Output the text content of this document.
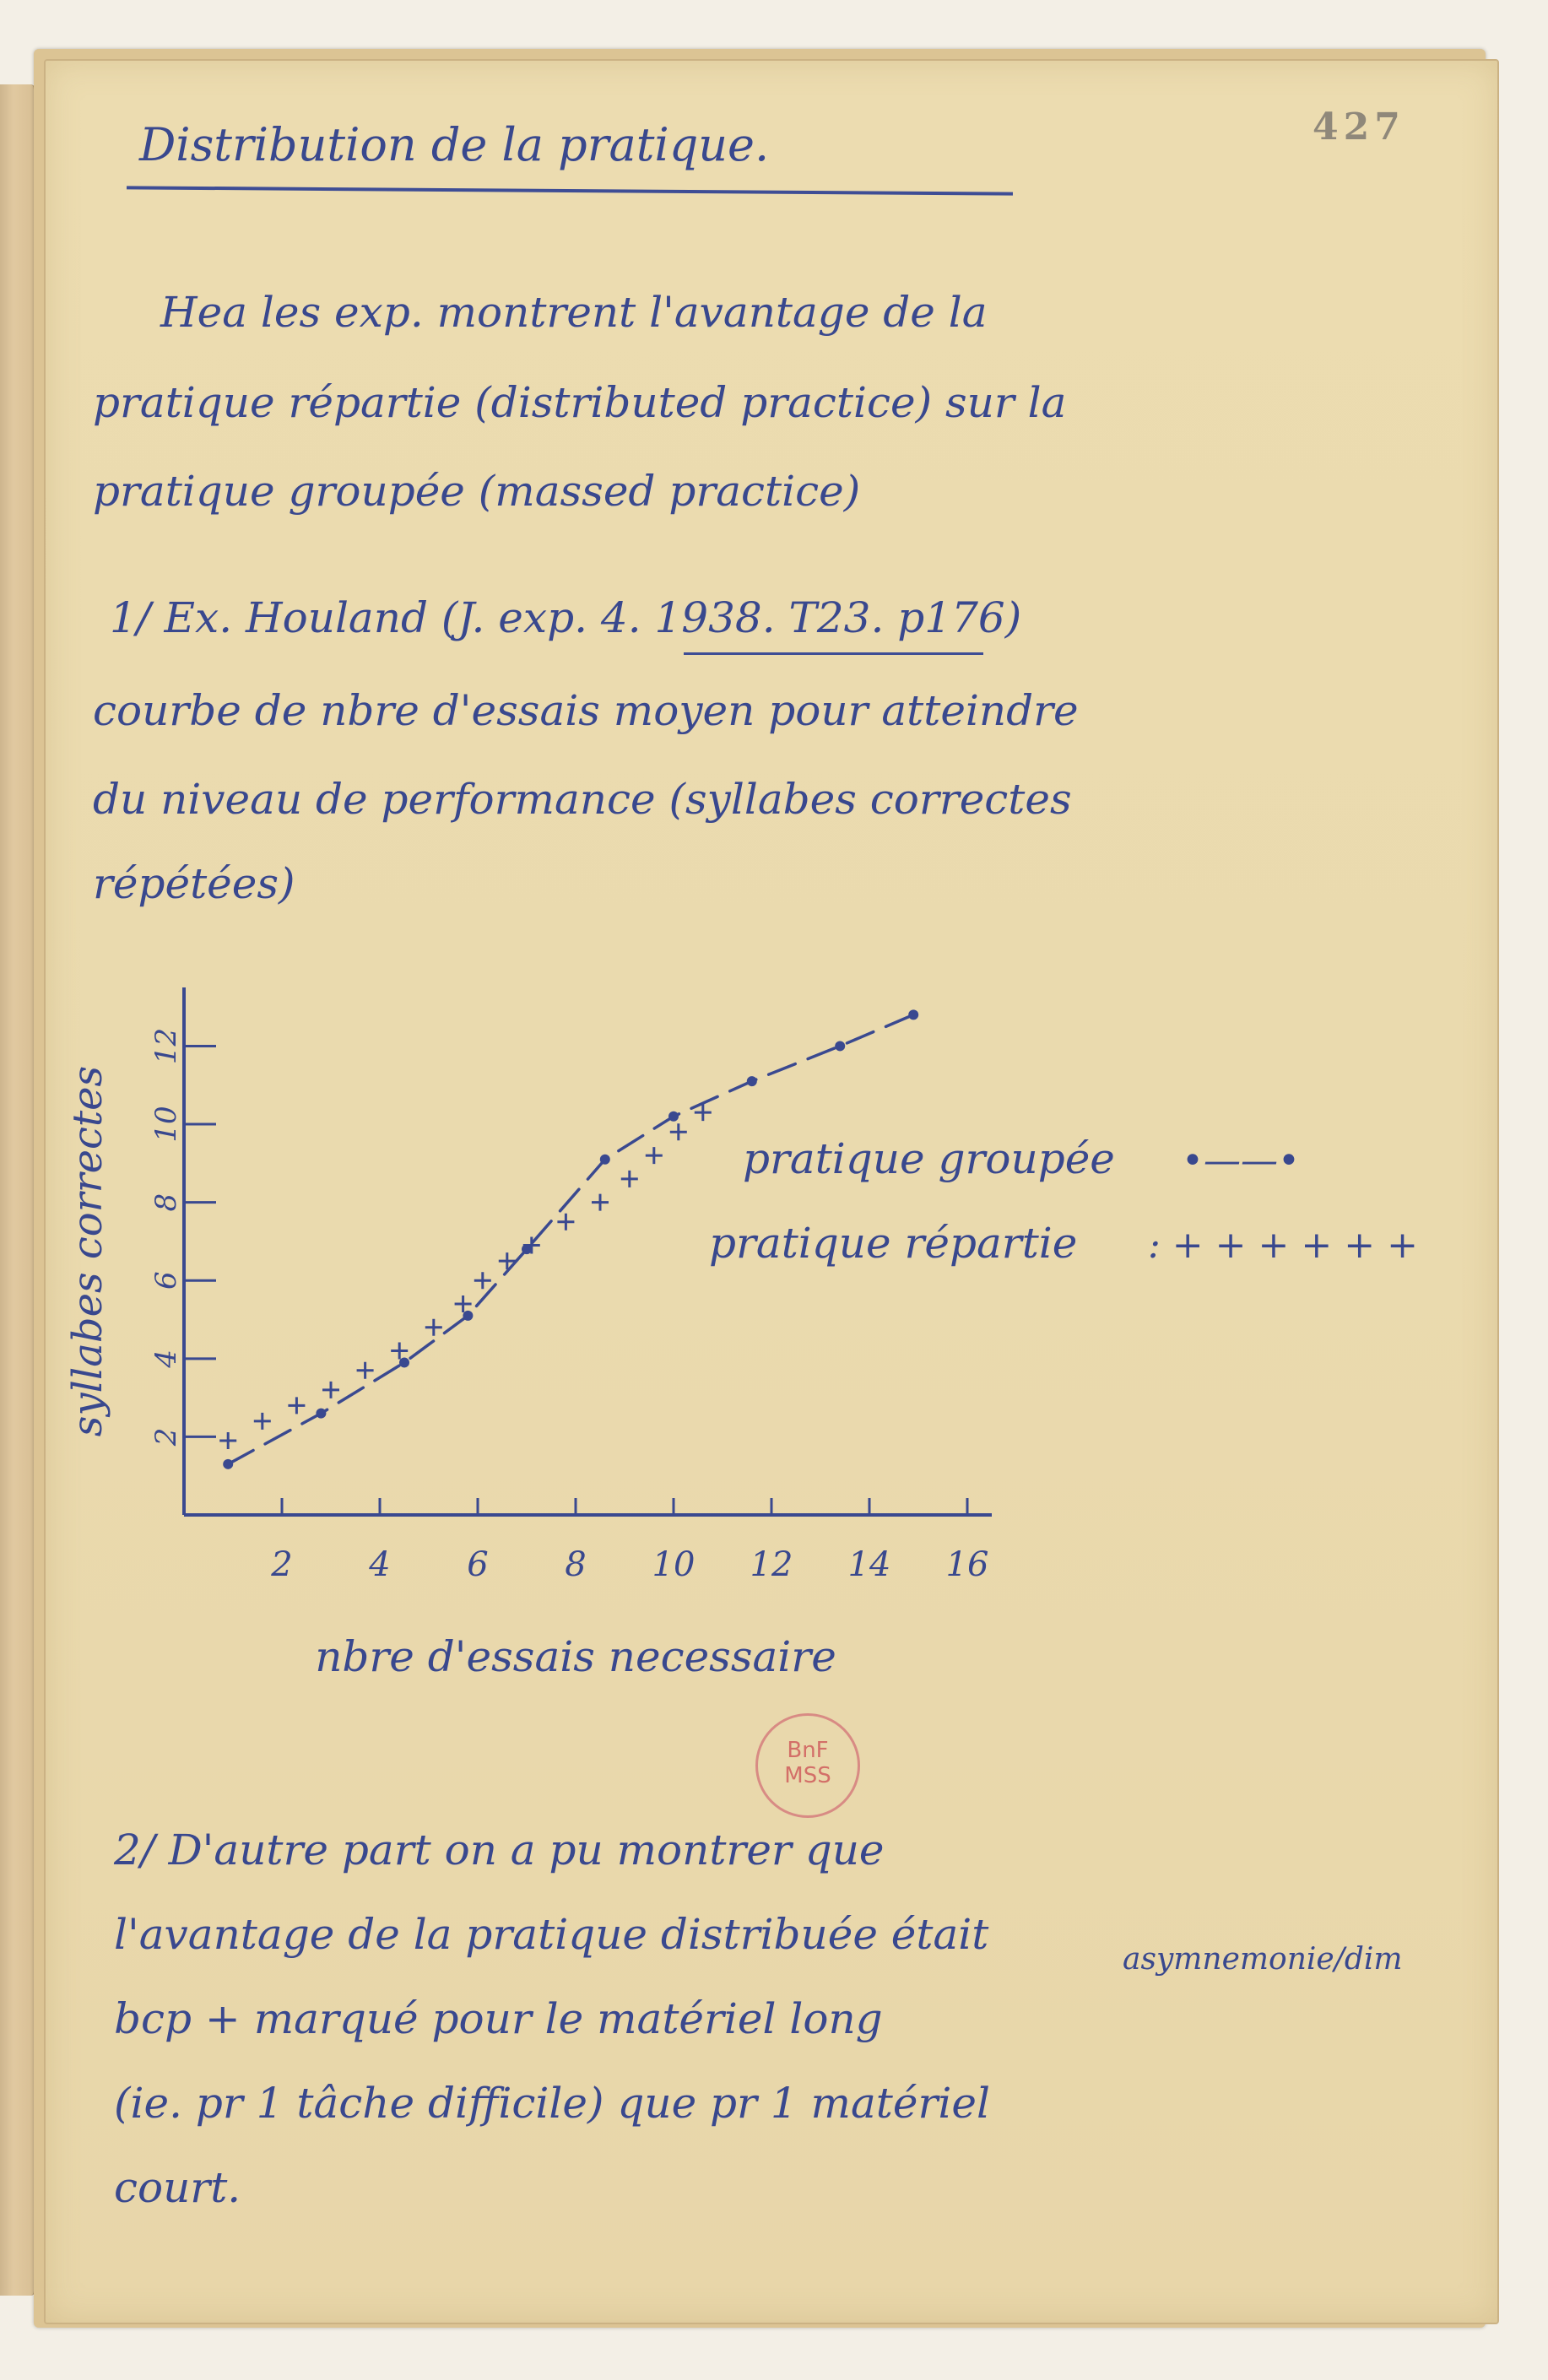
427
Distribution de la pratique.
Hea les exp. montrent l'avantage de la
pratique répartie (distributed practice) sur la
pratique groupée (massed practice)
1/ Ex. Houland (J. exp. 4. 1938. T23. p176)
courbe de nbre d'essais moyen pour atteindre
du niveau de performance (syllabes correctes
répétées)
2 4 6 8 10 12 14 16
2
4
6
8
10
12
nbre d'essais necessaire
syllabes correctes	pratique groupée •——•
pratique répartie : + + + + + +
BnF
MSS
2/ D'autre part on a pu montrer que
l'avantage de la pratique distribuée était
asymnemonie/dim
bcp + marqué pour le matériel long
(ie. pr 1 tâche difficile) que pr 1 matériel
court.
